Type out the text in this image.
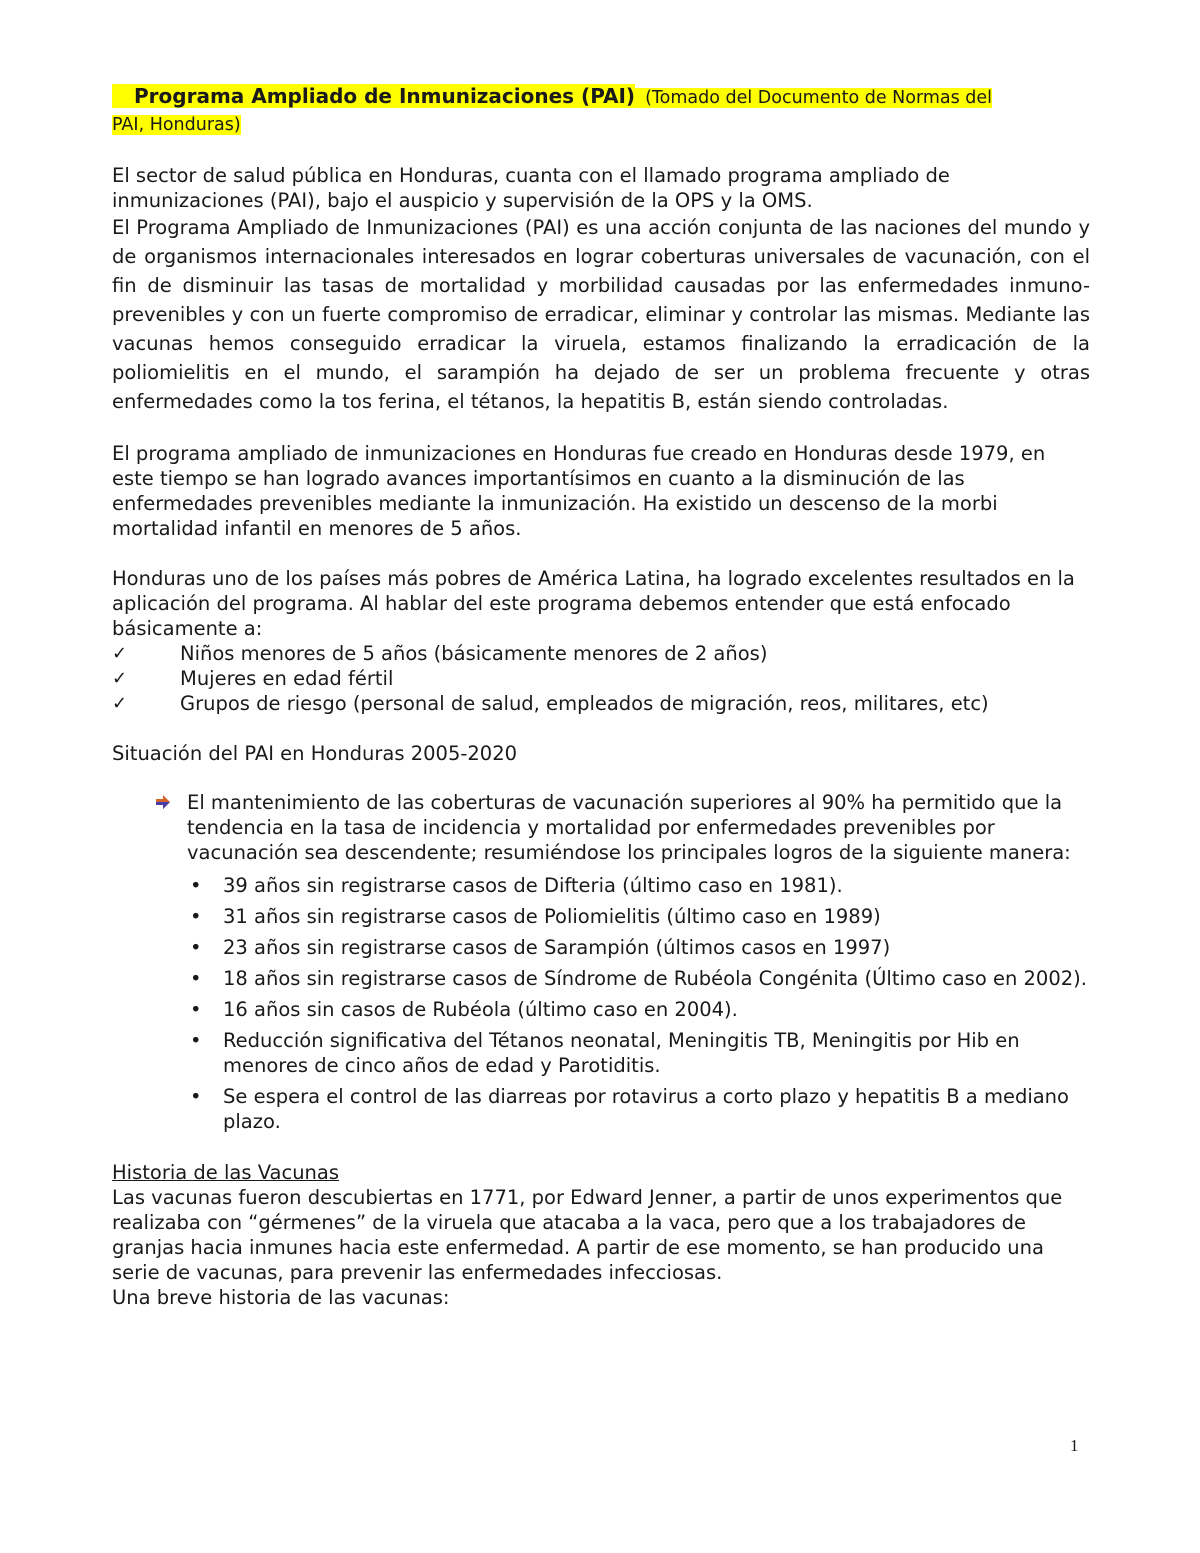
Programa Ampliado de Inmunizaciones (PAI) (Tomado del Documento de Normas del

PAI, Honduras)

El sector de salud pública en Honduras, cuanta con el llamado programa ampliado de inmunizaciones (PAI), bajo el auspicio y supervisión de la OPS y la OMS.

El Programa Ampliado de Inmunizaciones (PAI) es una acción conjunta de las naciones del mundo y de organismos internacionales interesados en lograr coberturas universales de vacunación, con el fin de disminuir las tasas de mortalidad y morbilidad causadas por las enfermedades inmuno-prevenibles y con un fuerte compromiso de erradicar, eliminar y controlar las mismas. Mediante las vacunas hemos conseguido erradicar la viruela, estamos finalizando la erradicación de la poliomielitis en el mundo, el sarampión ha dejado de ser un problema frecuente y otras enfermedades como la tos ferina, el tétanos, la hepatitis B, están siendo controladas.

El programa ampliado de inmunizaciones en Honduras fue creado en Honduras desde 1979, en este tiempo se han logrado avances importantísimos en cuanto a la disminución de las enfermedades prevenibles mediante la inmunización. Ha existido un descenso de la morbi mortalidad infantil en menores de 5 años.

Honduras uno de los países más pobres de América Latina, ha logrado excelentes resultados en la aplicación del programa. Al hablar del este programa debemos entender que está enfocado básicamente a:

✓	Niños menores de 5 años (básicamente menores de 2 años)
✓	Mujeres en edad fértil
✓	Grupos de riesgo (personal de salud, empleados de migración, reos, militares, etc)

Situación del PAI en Honduras 2005-2020

El mantenimiento de las coberturas de vacunación superiores al 90% ha permitido que la tendencia en la tasa de incidencia y mortalidad por enfermedades prevenibles por vacunación sea descendente; resumiéndose los principales logros de la siguiente manera:
• 39 años sin registrarse casos de Difteria (último caso en 1981).
• 31 años sin registrarse casos de Poliomielitis (último caso en 1989)
• 23 años sin registrarse casos de Sarampión (últimos casos en 1997)
• 18 años sin registrarse casos de Síndrome de Rubéola Congénita (Último caso en 2002).
• 16 años sin casos de Rubéola (último caso en 2004).
• Reducción significativa del Tétanos neonatal, Meningitis TB, Meningitis por Hib en menores de cinco años de edad y Parotiditis.
• Se espera el control de las diarreas por rotavirus a corto plazo y hepatitis B a mediano plazo.

Historia de las Vacunas

Las vacunas fueron descubiertas en 1771, por Edward Jenner, a partir de unos experimentos que realizaba con “gérmenes” de la viruela que atacaba a la vaca, pero que a los trabajadores de granjas hacia inmunes hacia este enfermedad. A partir de ese momento, se han producido una serie de vacunas, para prevenir las enfermedades infecciosas.

Una breve historia de las vacunas:

1
